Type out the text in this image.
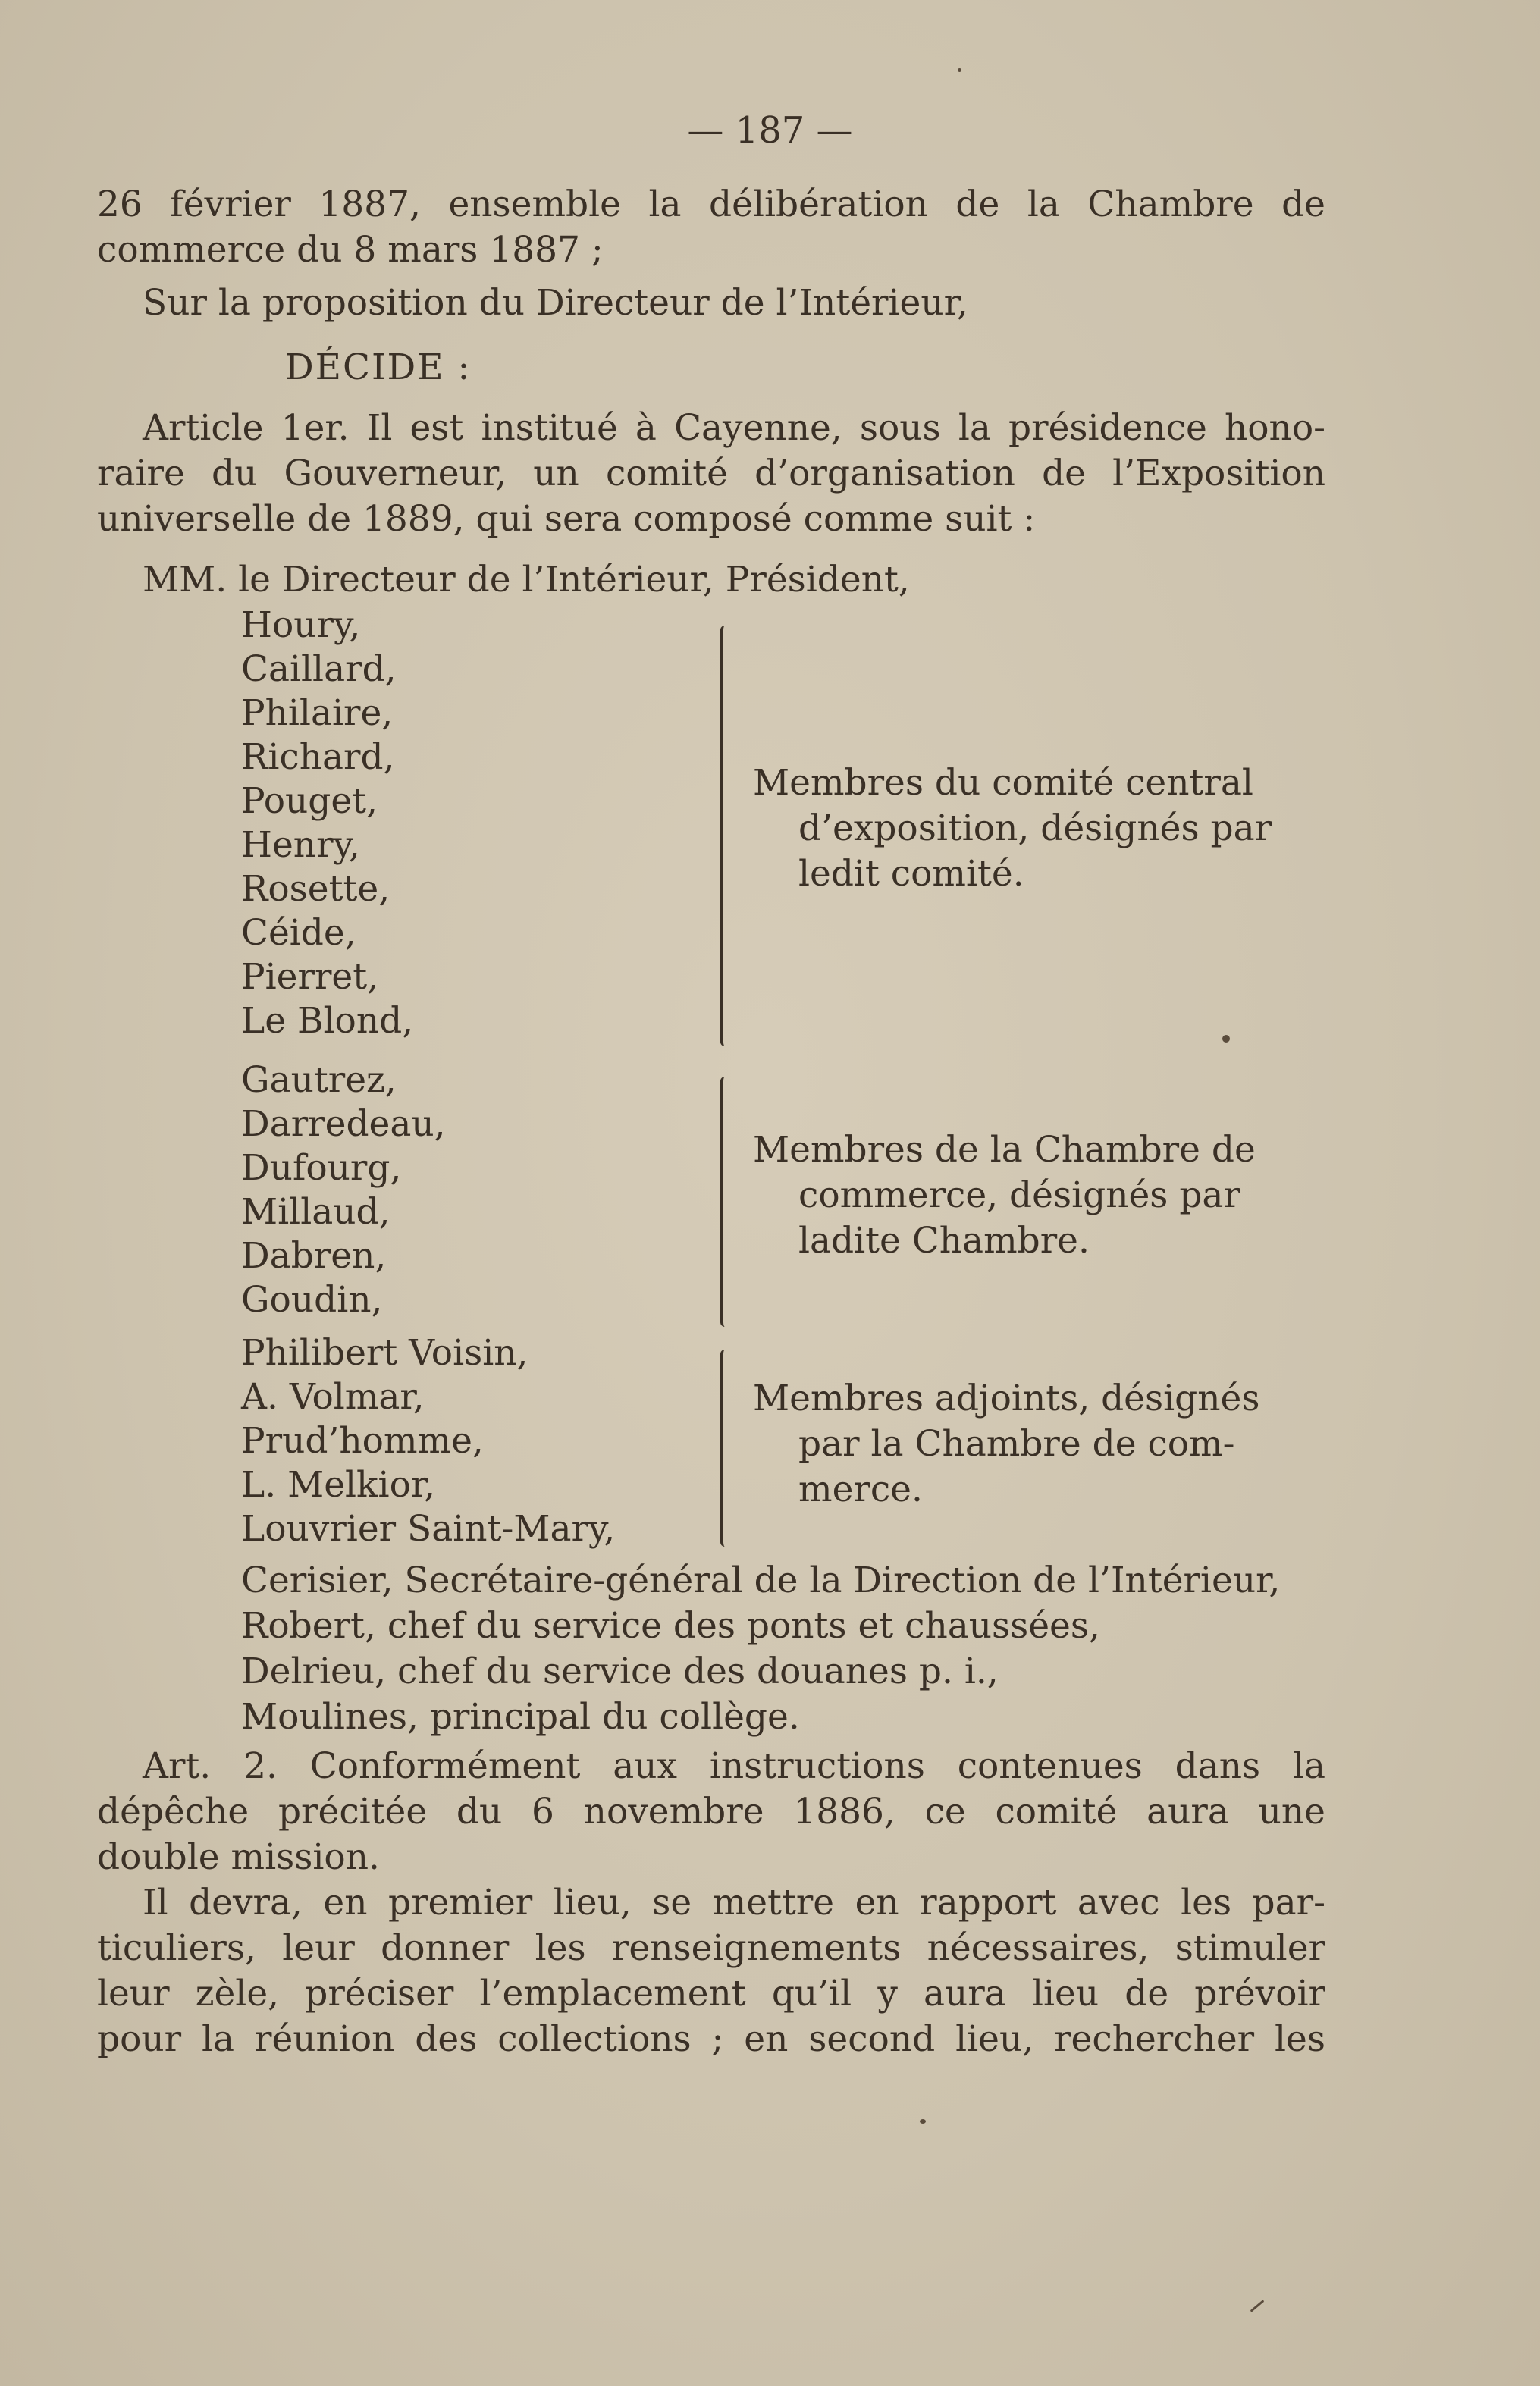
— 187 —
26 février 1887, ensemble la délibération de la Chambre de
commerce du 8 mars 1887 ;
Sur la proposition du Directeur de l’Intérieur,
DÉCIDE :
Article 1er. Il est institué à Cayenne, sous la présidence hono-
raire du Gouverneur, un comité d’organisation de l’Exposition
universelle de 1889, qui sera composé comme suit :
MM. le Directeur de l’Intérieur, Président,
Houry,
Caillard,
Philaire,
Richard,
Pouget,
Henry,
Rosette,
Céide,
Pierret,
Le Blond,
Membres du comité central
d’exposition, désignés par
ledit comité.
Gautrez,
Darredeau,
Dufourg,
Millaud,
Dabren,
Goudin,
Membres de la Chambre de
commerce, désignés par
ladite Chambre.
Philibert Voisin,
A. Volmar,
Prud’homme,
L. Melkior,
Louvrier Saint-Mary,
Membres adjoints, désignés
par la Chambre de com-
merce.
Cerisier, Secrétaire-général de la Direction de l’Intérieur,
Robert, chef du service des ponts et chaussées,
Delrieu, chef du service des douanes p. i.,
Moulines, principal du collège.
Art. 2. Conformément aux instructions contenues dans la
dépêche précitée du 6 novembre 1886, ce comité aura une
double mission.
Il devra, en premier lieu, se mettre en rapport avec les par-
ticuliers, leur donner les renseignements nécessaires, stimuler
leur zèle, préciser l’emplacement qu’il y aura lieu de prévoir
pour la réunion des collections ; en second lieu, rechercher les
